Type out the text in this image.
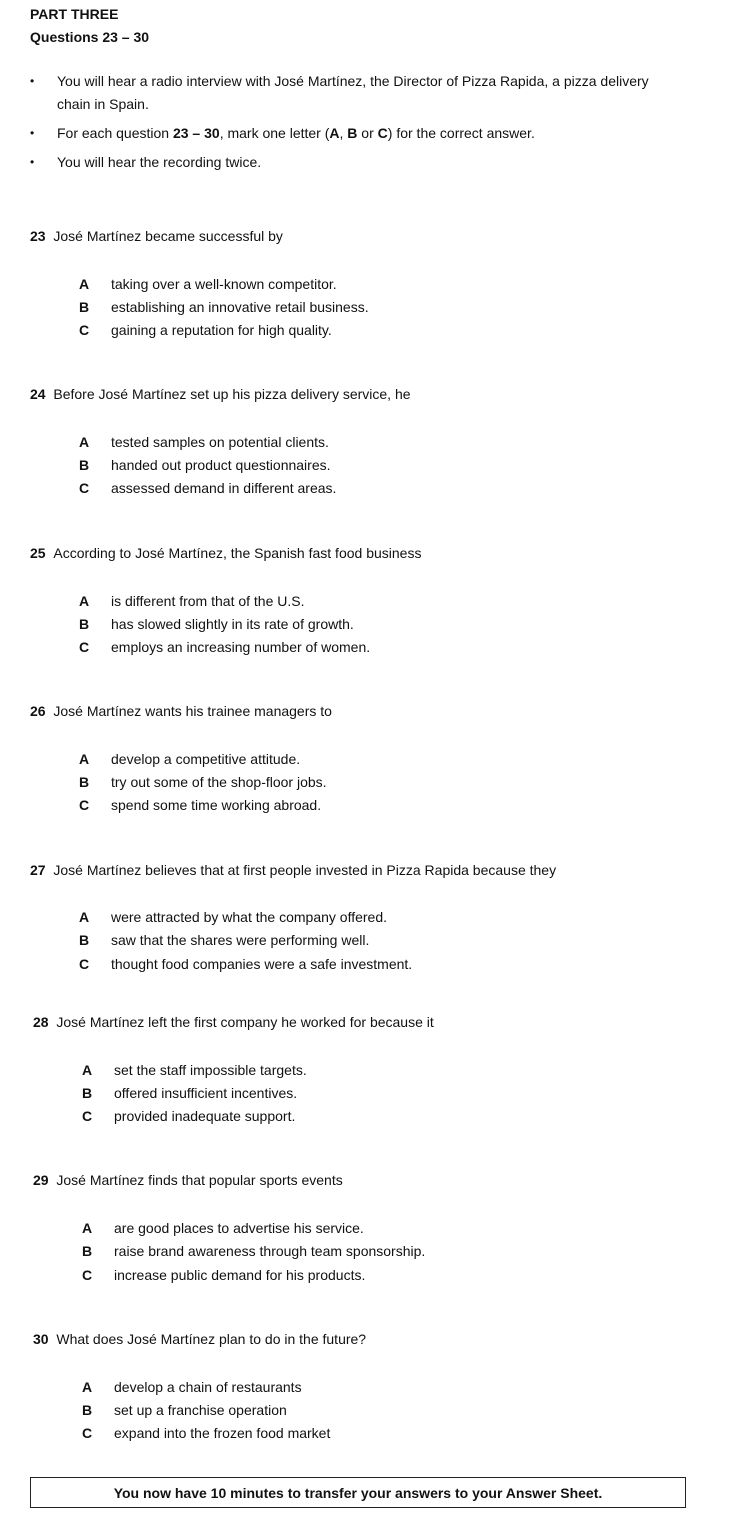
PART THREE
Questions 23 – 30
• You will hear a radio interview with José Martínez, the Director of Pizza Rapida, a pizza delivery
chain in Spain.
• For each question 23 – 30, mark one letter (A, B or C) for the correct answer.
• You will hear the recording twice.
23 José Martínez became successful by
A taking over a well-known competitor.
B establishing an innovative retail business.
C gaining a reputation for high quality.
24 Before José Martínez set up his pizza delivery service, he
A tested samples on potential clients.
B handed out product questionnaires.
C assessed demand in different areas.
25 According to José Martínez, the Spanish fast food business
A is different from that of the U.S.
B has slowed slightly in its rate of growth.
C employs an increasing number of women.
26 José Martínez wants his trainee managers to
A develop a competitive attitude.
B try out some of the shop-floor jobs.
C spend some time working abroad.
27 José Martínez believes that at first people invested in Pizza Rapida because they
A were attracted by what the company offered.
B saw that the shares were performing well.
C thought food companies were a safe investment.
28 José Martínez left the first company he worked for because it
A set the staff impossible targets.
B offered insufficient incentives.
C provided inadequate support.
29 José Martínez finds that popular sports events
A are good places to advertise his service.
B raise brand awareness through team sponsorship.
C increase public demand for his products.
30 What does José Martínez plan to do in the future?
A develop a chain of restaurants
B set up a franchise operation
C expand into the frozen food market
You now have 10 minutes to transfer your answers to your Answer Sheet.
